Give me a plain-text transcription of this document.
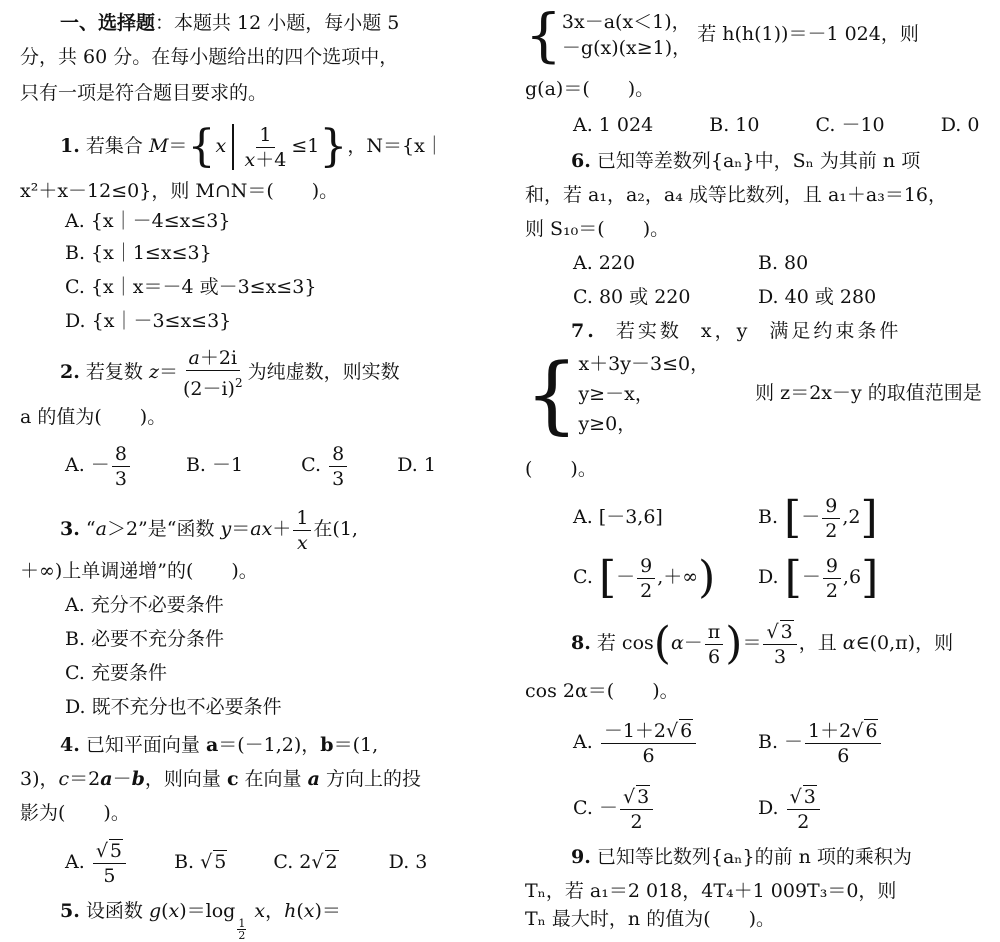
一、选择题：本题共 12 小题，每小题 5
分，共 60 分。在每小题给出的四个选项中，
只有一项是符合题目要求的。
1. 若集合 $M=\{x \frac{1}{x+4} \le 1\}$，N＝{x｜
x²＋x－12≤0}，则 M∩N＝(　　)。
A. {x｜－4≤x≤3}
B. {x｜1≤x≤3}
C. {x｜x＝－4 或－3≤x≤3}
D. {x｜－3≤x≤3}
2. 若复数 $z= \frac{a+2i}{(2-i)^2}$ 为纯虚数，则实数
a 的值为(　　)。
A. － $\frac{8}{3}$	B. －1	C. $\frac{8}{3}$	D. 1
3. “a＞2”是“函数 $y=ax+ \frac{1}{x}$ 在(1,
＋∞)上单调递增”的(　　)。
A. 充分不必要条件
B. 必要不充分条件
C. 充要条件
D. 既不充分也不必要条件
4. 已知平面向量 a＝(－1,2)，b＝(1,
3)，c＝2a－b，则向量 c 在向量 a 方向上的投
影为(　　)。
A. $\frac{√ 5}{5}$	B. √ 5 C. 2√ 2	D. 3
5. 设函数 g(x)＝log
$\frac{1}{2}$
x，h(x)＝
{ 3x－a(x＜1)，
－g(x)(x≥1)，
若 h(h(1))＝－1 024，则
g(a)＝(　　)。
A. 1 024	B. 10	C. －10	D. 0
6. 已知等差数列{aₙ}中，Sₙ 为其前 n 项
和，若 a₁，a₂，a₄ 成等比数列，且 a₁＋a₃＝16，
则 S₁₀＝(　　)。
A. 220	B. 80
C. 80 或 220	D. 40 或 280
7. 若实数 x，y 满足约束条件
{ x＋3y－3≤0，
y≥－x，
y≥0，
则 z＝2x－y 的取值范围是
(　　)。
A. [－3,6]	B. [－ $\frac{9}{2} ,2$]
C. [－ $\frac{9}{2}$ ,＋∞) D. [－ $\frac{9}{2} ,6$]
8. 若 $\cos(\alpha- \frac{\pi}{6}$ )＝ $\frac{√ 3}{3}$ ，且 α∈(0,π)，则
cos 2α＝(　　)。
A. $\frac{-1+2√ 6}{6}$	B. － $\frac{1+2√ 6}{6}$
C. － $\frac{√ 3}{2}$	D. $\frac{√ 3}{2}$
9. 已知等比数列{aₙ}的前 n 项的乘积为
Tₙ，若 a₁＝2 018，4T₄＋1 009T₃＝0，则
Tₙ 最大时，n 的值为(　　)。
